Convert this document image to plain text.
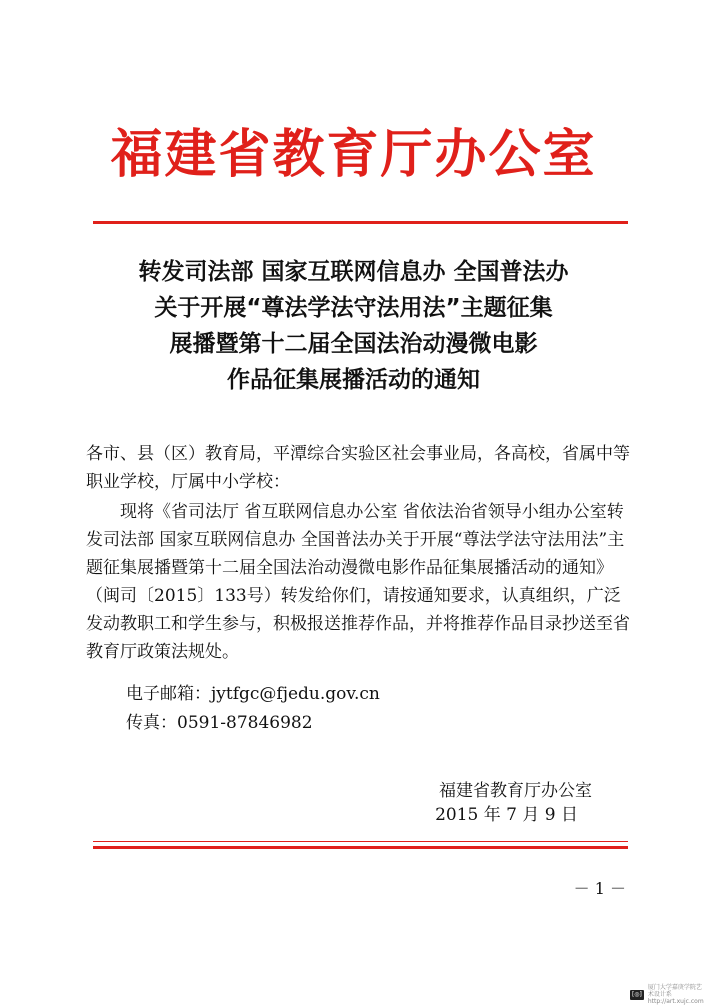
福建省教育厅办公室
转发司法部 国家互联网信息办 全国普法办
关于开展“尊法学法守法用法”主题征集
展播暨第十二届全国法治动漫微电影
作品征集展播活动的通知
各市、县（区）教育局，平潭综合实验区社会事业局，各高校，省属中等职业学校，厅属中小学校：
现将《省司法厅 省互联网信息办公室 省依法治省领导小组办公室转发司法部 国家互联网信息办 全国普法办关于开展“尊法学法守法用法”主题征集展播暨第十二届全国法治动漫微电影作品征集展播活动的通知》（闽司〔2015〕133号）转发给你们，请按通知要求，认真组织，广泛发动教职工和学生参与，积极报送推荐作品，并将推荐作品目录抄送至省教育厅政策法规处。
电子邮箱：jytfgc@fjedu.gov.cn
传真：0591-87846982
福建省教育厅办公室
2015 年 7 月 9 日
－ 1 －
[◎]
厦门大学嘉庚学院艺术设计系
http://art.xujc.com
